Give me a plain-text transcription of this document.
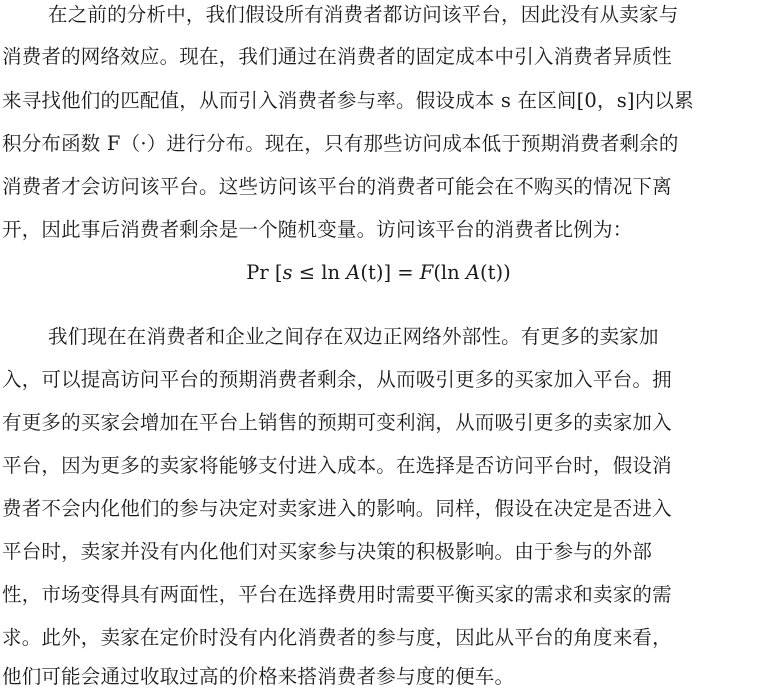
在之前的分析中，我们假设所有消费者都访问该平台，因此没有从卖家与
消费者的网络效应。现在，我们通过在消费者的固定成本中引入消费者异质性
来寻找他们的匹配值，从而引入消费者参与率。假设成本 s 在区间[0，s]内以累
积分布函数 F（·）进行分布。现在，只有那些访问成本低于预期消费者剩余的
消费者才会访问该平台。这些访问该平台的消费者可能会在不购买的情况下离
开，因此事后消费者剩余是一个随机变量。访问该平台的消费者比例为：
Pr [s ≤ ln A(t)] = F(ln A(t))
我们现在在消费者和企业之间存在双边正网络外部性。有更多的卖家加
入，可以提高访问平台的预期消费者剩余，从而吸引更多的买家加入平台。拥
有更多的买家会增加在平台上销售的预期可变利润，从而吸引更多的卖家加入
平台，因为更多的卖家将能够支付进入成本。在选择是否访问平台时，假设消
费者不会内化他们的参与决定对卖家进入的影响。同样，假设在决定是否进入
平台时，卖家并没有内化他们对买家参与决策的积极影响。由于参与的外部
性，市场变得具有两面性，平台在选择费用时需要平衡买家的需求和卖家的需
求。此外，卖家在定价时没有内化消费者的参与度，因此从平台的角度来看，
他们可能会通过收取过高的价格来搭消费者参与度的便车。
